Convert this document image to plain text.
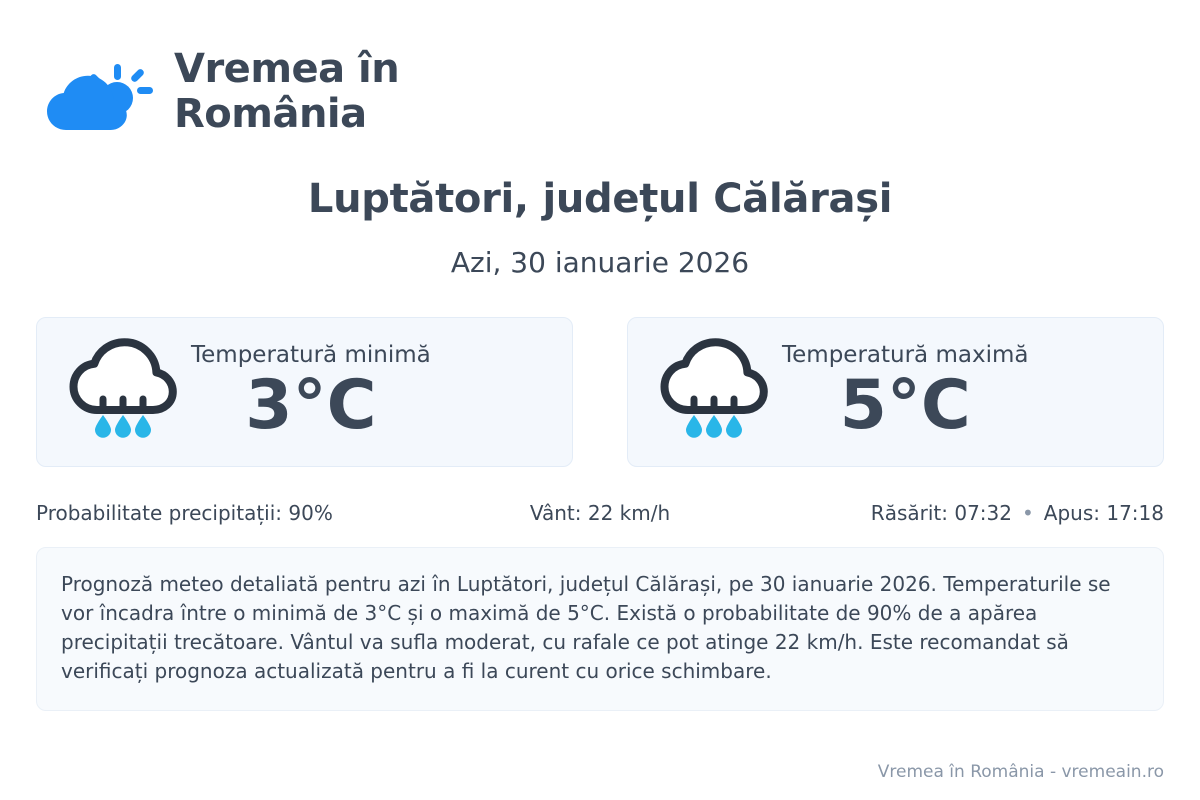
Vremea în România
Luptători, județul Călărași
Azi, 30 ianuarie 2026
Temperatură minimă
3°C
Temperatură maximă
5°C
Probabilitate precipitații: 90%	Vânt: 22 km/h	Răsărit: 07:32 • Apus: 17:18
Prognoză meteo detaliată pentru azi în Luptători, județul Călărași, pe 30 ianuarie 2026. Temperaturile se vor încadra între o minimă de 3°C și o maximă de 5°C. Există o probabilitate de 90% de a apărea precipitații trecătoare. Vântul va sufla moderat, cu rafale ce pot atinge 22 km/h. Este recomandat să verificați prognoza actualizată pentru a fi la curent cu orice schimbare.
Vremea în România - vremeain.ro
